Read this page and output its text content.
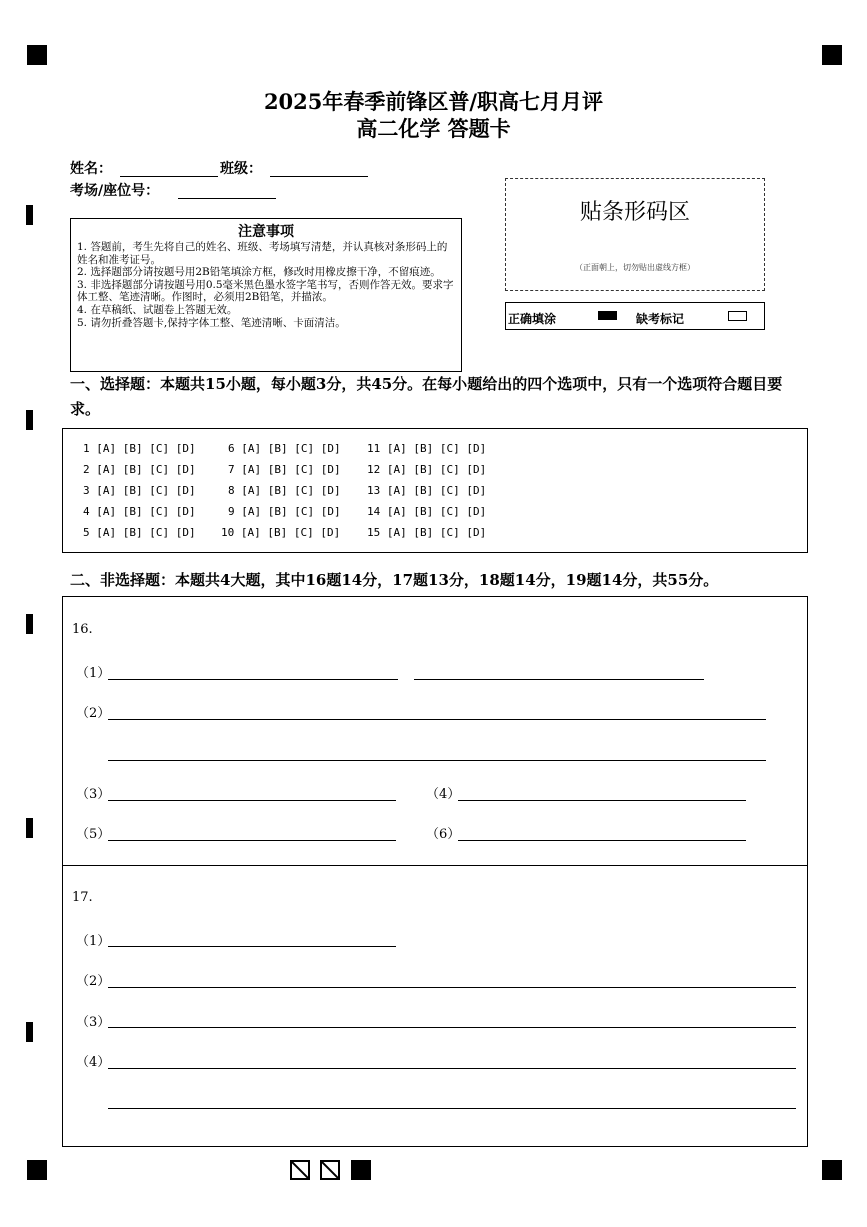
2025年春季前锋区普/职高七月月评
高二化学 答题卡
姓名：	班级：
考场/座位号：
注意事项
1. 答题前，考生先将自己的姓名、班级、考场填写清楚，并认真核对条形码上的姓名和准考证号。
2. 选择题部分请按题号用2B铅笔填涂方框，修改时用橡皮擦干净，不留痕迹。
3. 非选择题部分请按题号用0.5毫米黑色墨水签字笔书写，否则作答无效。要求字体工整、笔迹清晰。作图时，必须用2B铅笔，并描浓。
4. 在草稿纸、试题卷上答题无效。
5. 请勿折叠答题卡,保持字体工整、笔迹清晰、卡面清洁。
贴条形码区
（正面朝上，切勿贴出虚线方框）
正确填涂	缺考标记
一、选择题：本题共15小题，每小题3分，共45分。在每小题给出的四个选项中，只有一个选项符合题目要求。
1 [A] [B] [C] [D]	6 [A] [B] [C] [D] 11 [A] [B] [C] [D]
2 [A] [B] [C] [D]	7 [A] [B] [C] [D] 12 [A] [B] [C] [D]
3 [A] [B] [C] [D]	8 [A] [B] [C] [D] 13 [A] [B] [C] [D]
4 [A] [B] [C] [D]	9 [A] [B] [C] [D] 14 [A] [B] [C] [D]
5 [A] [B] [C] [D] 10 [A] [B] [C] [D] 15 [A] [B] [C] [D]
二、非选择题：本题共4大题，其中16题14分，17题13分，18题14分，19题14分，共55分。
16.
（1）
（2）
（3）	（4）
（5）	（6）
17.
（1）
（2）
（3）
（4）
